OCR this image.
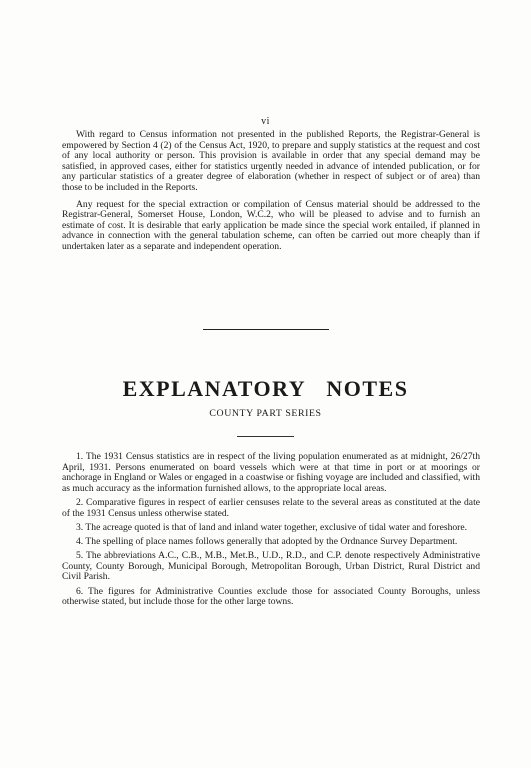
vi

With regard to Census information not presented in the published Reports, the Registrar-General is empowered by Section 4 (2) of the Census Act, 1920, to prepare and supply statistics at the request and cost of any local authority or person. This provision is available in order that any special demand may be satisfied, in approved cases, either for statistics urgently needed in advance of intended publication, or for any particular statistics of a greater degree of elaboration (whether in respect of subject or of area) than those to be included in the Reports.

Any request for the special extraction or compilation of Census material should be addressed to the Registrar-General, Somerset House, London, W.C.2, who will be pleased to advise and to furnish an estimate of cost. It is desirable that early application be made since the special work entailed, if planned in advance in connection with the general tabulation scheme, can often be carried out more cheaply than if undertaken later as a separate and independent operation.

EXPLANATORY NOTES
COUNTY PART SERIES

1. The 1931 Census statistics are in respect of the living population enumerated as at midnight, 26/27th April, 1931. Persons enumerated on board vessels which were at that time in port or at moorings or anchorage in England or Wales or engaged in a coastwise or fishing voyage are included and classified, with as much accuracy as the information furnished allows, to the appropriate local areas.

2. Comparative figures in respect of earlier censuses relate to the several areas as constituted at the date of the 1931 Census unless otherwise stated.

3. The acreage quoted is that of land and inland water together, exclusive of tidal water and foreshore.

4. The spelling of place names follows generally that adopted by the Ordnance Survey Department.

5. The abbreviations A.C., C.B., M.B., Met.B., U.D., R.D., and C.P. denote respectively Administrative County, County Borough, Municipal Borough, Metropolitan Borough, Urban District, Rural District and Civil Parish.

6. The figures for Administrative Counties exclude those for associated County Boroughs, unless otherwise stated, but include those for the other large towns.
